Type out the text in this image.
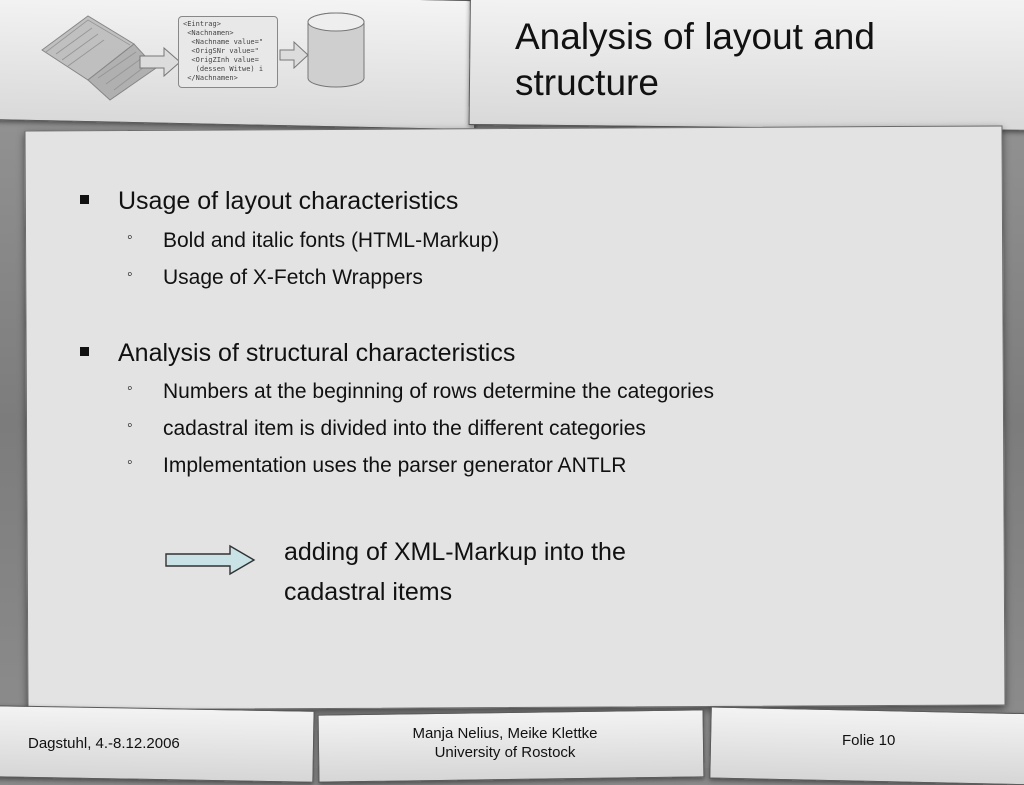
<Eintrag>
<Nachnamen>
<Nachname value="
<OrigSNr value="
<OrigZInh value=
(dessen Witwe) i
</Nachnamen>
Analysis of layout and structure
Usage of layout characteristics
◦ Bold and italic fonts (HTML-Markup)
◦ Usage of X-Fetch Wrappers
Analysis of structural characteristics
◦ Numbers at the beginning of rows determine the categories
◦ cadastral item is divided into the different categories
◦ Implementation uses the parser generator ANTLR
adding of XML-Markup into the
cadastral items
Dagstuhl, 4.-8.12.2006
Manja Nelius, Meike Klettke
University of Rostock
Folie 10
